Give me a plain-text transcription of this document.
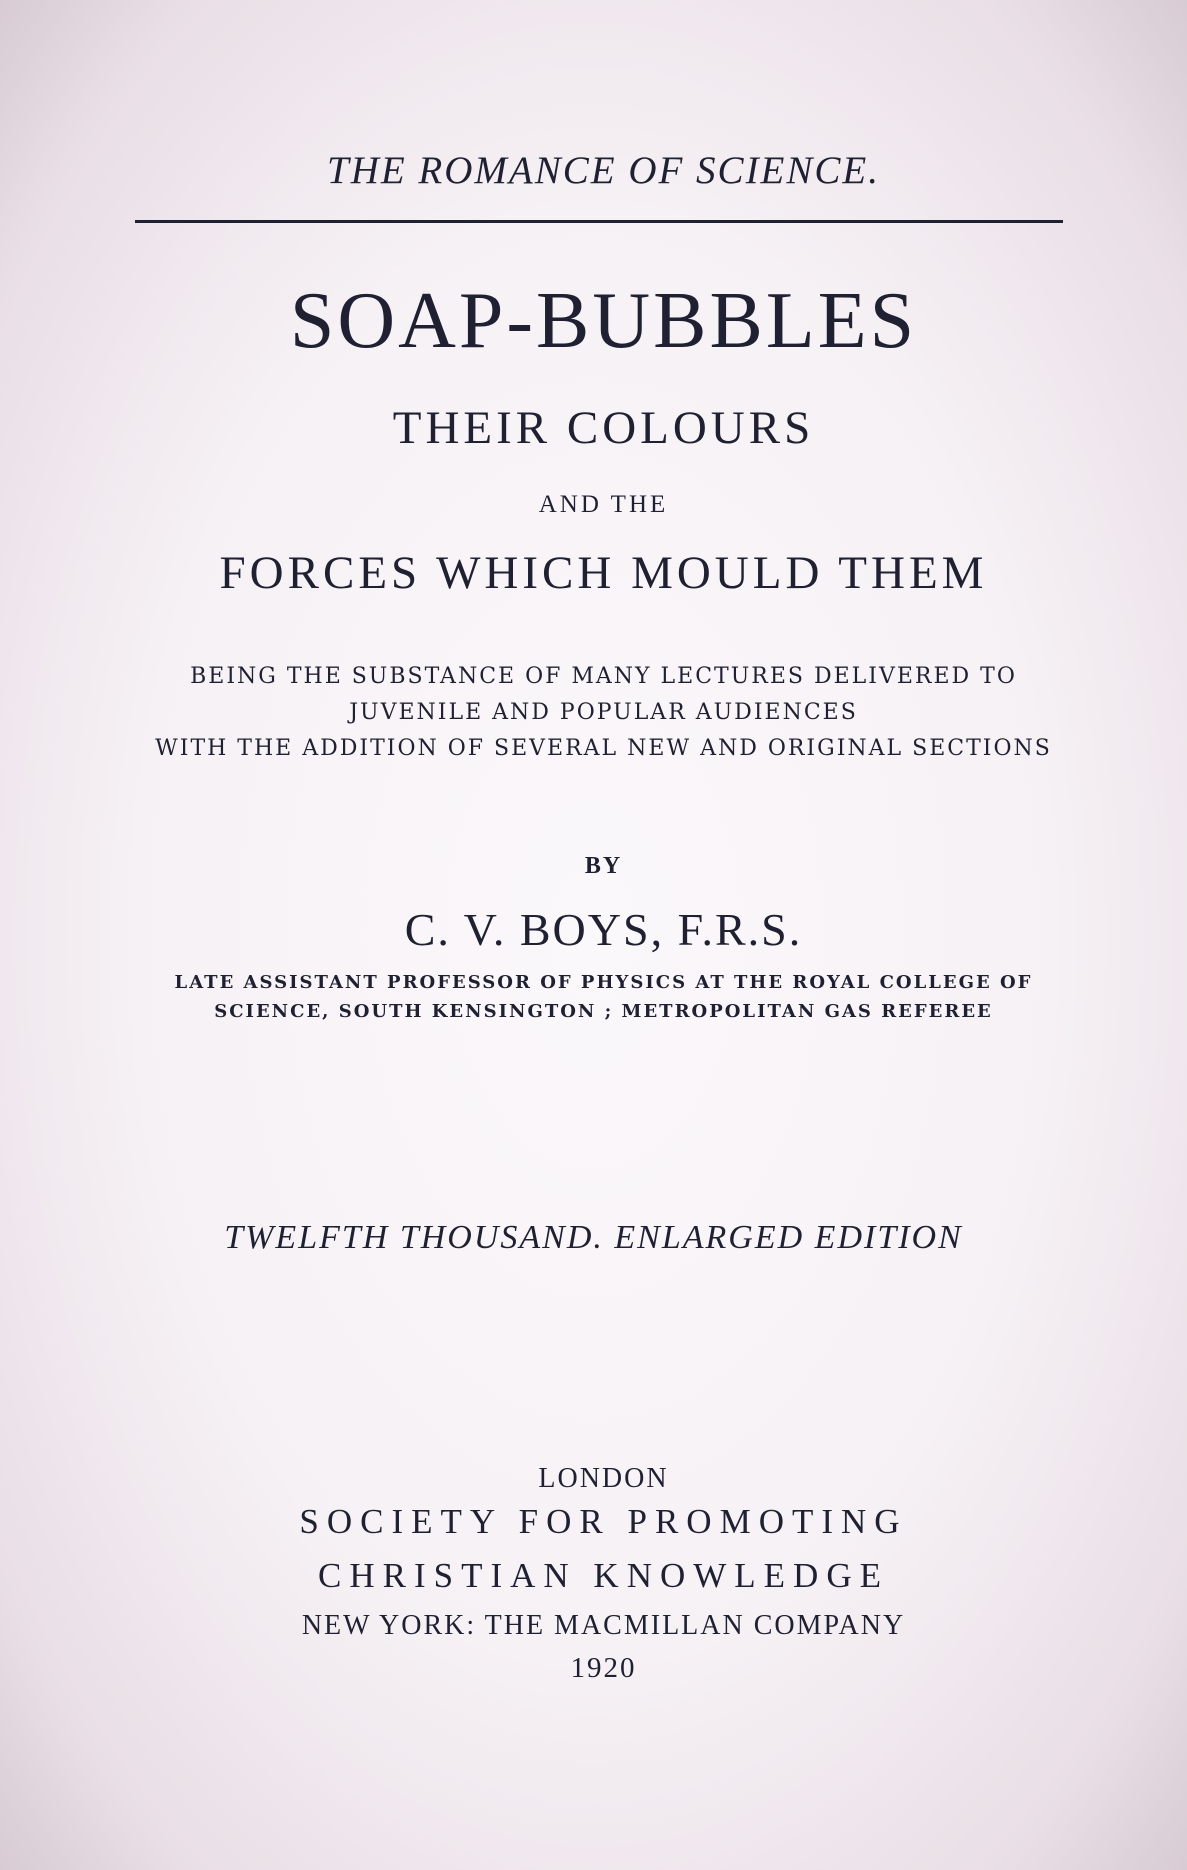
THE ROMANCE OF SCIENCE.
SOAP-BUBBLES
THEIR COLOURS
AND THE
FORCES WHICH MOULD THEM
BEING THE SUBSTANCE OF MANY LECTURES DELIVERED TO
JUVENILE AND POPULAR AUDIENCES
WITH THE ADDITION OF SEVERAL NEW AND ORIGINAL SECTIONS
BY
C. V. BOYS, F.R.S.
LATE ASSISTANT PROFESSOR OF PHYSICS AT THE ROYAL COLLEGE OF
SCIENCE, SOUTH KENSINGTON ; METROPOLITAN GAS REFEREE
TWELFTH THOUSAND. ENLARGED EDITION
LONDON
SOCIETY FOR PROMOTING
CHRISTIAN KNOWLEDGE
NEW YORK: THE MACMILLAN COMPANY
1920
